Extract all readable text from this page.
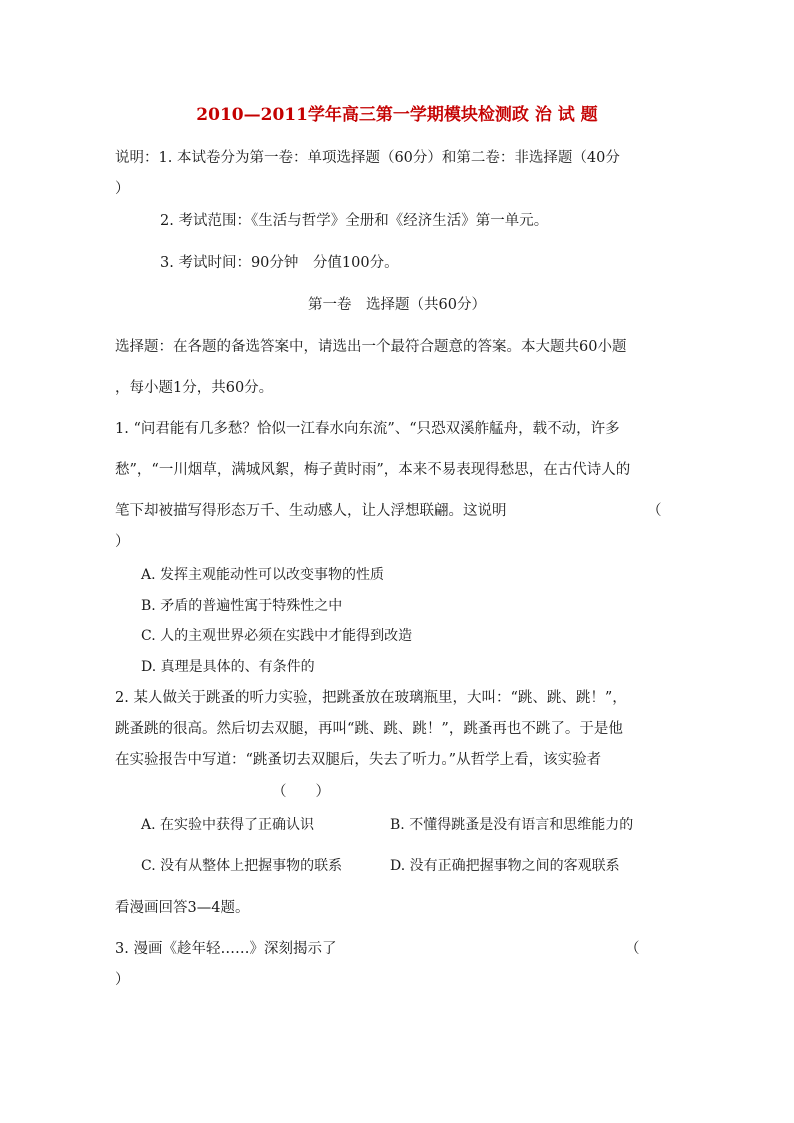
2010—2011学年高三第一学期模块检测政 治 试 题
说明：1. 本试卷分为第一卷：单项选择题（60分）和第二卷：非选择题（40分
）
2. 考试范围：《生活与哲学》全册和《经济生活》第一单元。
3. 考试时间：90分钟　分值100分。
第一卷　选择题（共60分）
选择题：在各题的备选答案中，请选出一个最符合题意的答案。本大题共60小题
，每小题1分，共60分。
1. “问君能有几多愁？恰似一江春水向东流”、“只恐双溪舴艋舟，载不动，许多
愁”，“一川烟草，满城风絮，梅子黄时雨”，本来不易表现得愁思，在古代诗人的
笔下却被描写得形态万千、生动感人，让人浮想联翩。这说明	（
）
A. 发挥主观能动性可以改变事物的性质
B. 矛盾的普遍性寓于特殊性之中
C. 人的主观世界必须在实践中才能得到改造
D. 真理是具体的、有条件的
2. 某人做关于跳蚤的听力实验，把跳蚤放在玻璃瓶里，大叫：“跳、跳、跳！”，
跳蚤跳的很高。然后切去双腿，再叫“跳、跳、跳！”，跳蚤再也不跳了。于是他
在实验报告中写道：“跳蚤切去双腿后，失去了听力。”从哲学上看，该实验者
（　　）
A. 在实验中获得了正确认识	B. 不懂得跳蚤是没有语言和思维能力的
C. 没有从整体上把握事物的联系	D. 没有正确把握事物之间的客观联系
看漫画回答3—4题。
3. 漫画《趁年轻……》深刻揭示了	（
）
